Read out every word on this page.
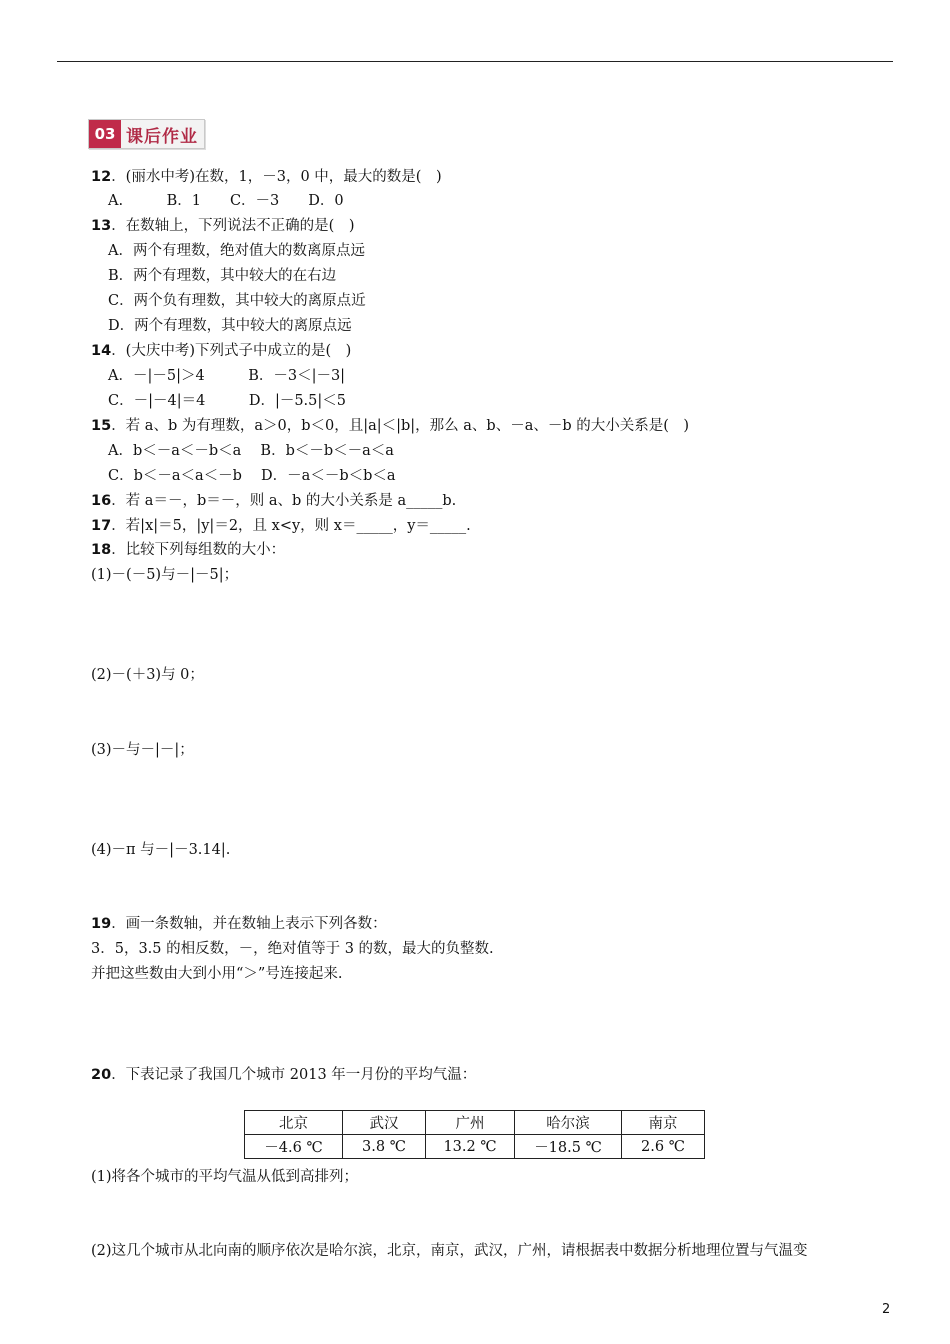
03 课后作业
12．(丽水中考)在数，1，－3，0 中，最大的数是(　)
A.　　　B．1　　C．－3　　D．0
13．在数轴上，下列说法不正确的是(　)
A．两个有理数，绝对值大的数离原点远
B．两个有理数，其中较大的在右边
C．两个负有理数，其中较大的离原点近
D．两个有理数，其中较大的离原点远
14．(大庆中考)下列式子中成立的是(　)
A．－|－5|＞4　　　B．－3＜|－3|
C．－|－4|＝4　　　D．|－5.5|＜5
15．若 a、b 为有理数，a＞0，b＜0，且|a|＜|b|，那么 a、b、－a、－b 的大小关系是(　)
A．b＜－a＜－b＜a　 B．b＜－b＜－a＜a
C．b＜－a＜a＜－b　 D．－a＜－b＜b＜a
16．若 a＝－，b＝－，则 a、b 的大小关系是 a_____b.
17．若|x|＝5，|y|＝2，且 x<y，则 x＝_____，y＝_____.
18．比较下列每组数的大小：
(1)－(－5)与－|－5|；
(2)－(＋3)与 0；
(3)－与－|－|；
(4)－π 与－|－3.14|.
19．画一条数轴，并在数轴上表示下列各数：
3．5，3.5 的相反数，－，绝对值等于 3 的数，最大的负整数.
并把这些数由大到小用“＞”号连接起来.
20．下表记录了我国几个城市 2013 年一月份的平均气温：
北京	武汉	广州	哈尔滨	南京
－4.6 ℃	3.8 ℃	13.2 ℃	－18.5 ℃	2.6 ℃
(1)将各个城市的平均气温从低到高排列；
(2)这几个城市从北向南的顺序依次是哈尔滨，北京，南京，武汉，广州，请根据表中数据分析地理位置与气温变
2
